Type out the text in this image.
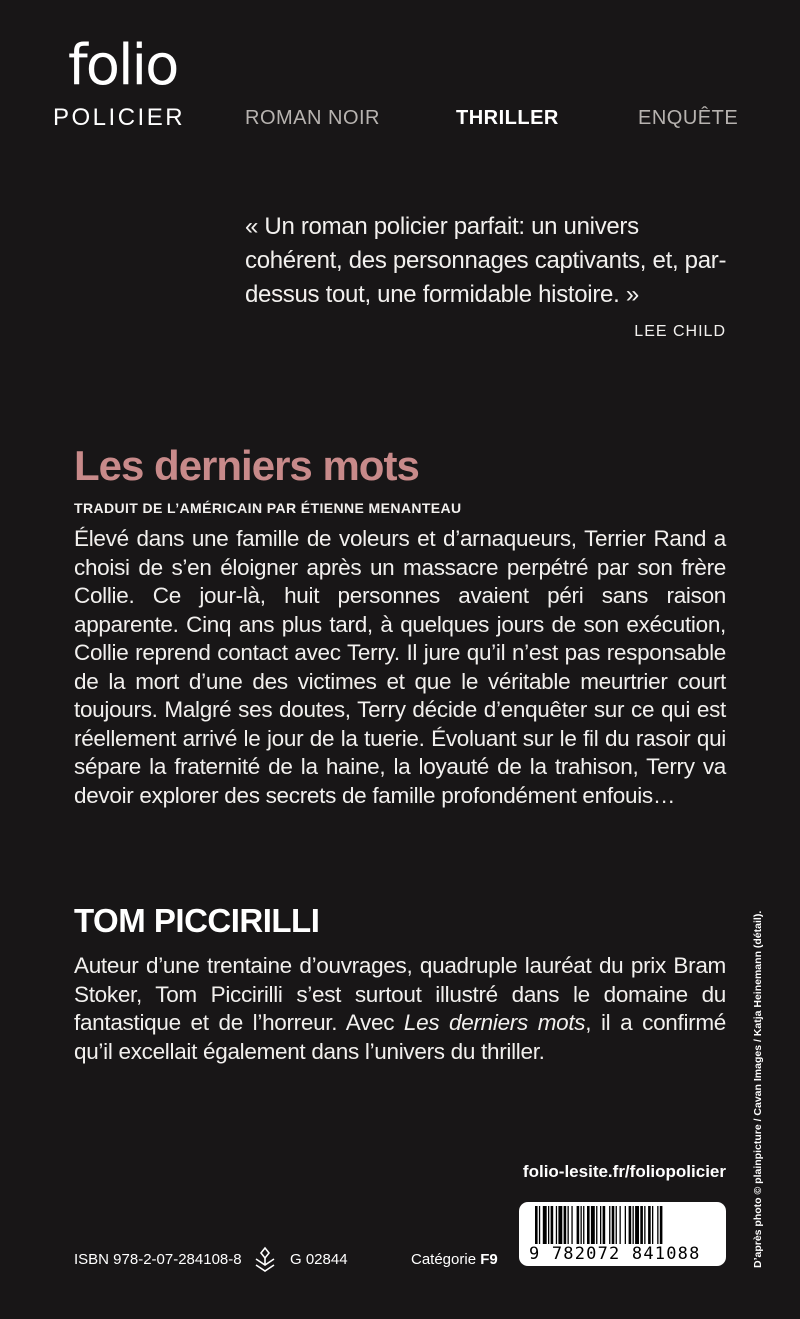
folio
POLICIER	ROMAN NOIR	THRILLER	ENQUÊTE
« Un roman policier parfait: un univers cohérent, des personnages captivants, et, par-dessus tout, une formidable histoire. »
LEE CHILD
Les derniers mots
TRADUIT DE L’AMÉRICAIN PAR ÉTIENNE MENANTEAU
Élevé dans une famille de voleurs et d’arnaqueurs, Terrier Rand a choisi de s’en éloigner après un massacre perpétré par son frère Collie. Ce jour-là, huit personnes avaient péri sans raison apparente. Cinq ans plus tard, à quelques jours de son exécution, Collie reprend contact avec Terry. Il jure qu’il n’est pas responsable de la mort d’une des victimes et que le véritable meurtrier court toujours. Malgré ses doutes, Terry décide d’enquêter sur ce qui est réellement arrivé le jour de la tuerie. Évoluant sur le fil du rasoir qui sépare la fraternité de la haine, la loyauté de la trahison, Terry va devoir explorer des secrets de famille profondément enfouis…
TOM PICCIRILLI
Auteur d’une trentaine d’ouvrages, quadruple lauréat du prix Bram Stoker, Tom Piccirilli s’est surtout illustré dans le domaine du fantastique et de l’horreur. Avec Les derniers mots, il a confirmé qu’il excellait également dans l’univers du thriller.
folio-lesite.fr/foliopolicier
ISBN 978-2-07-284108-8	G 02844	Catégorie F9 9 782072 841088	D’après photo © plainpicture / Cavan Images / Katja Heinemann (détail).
